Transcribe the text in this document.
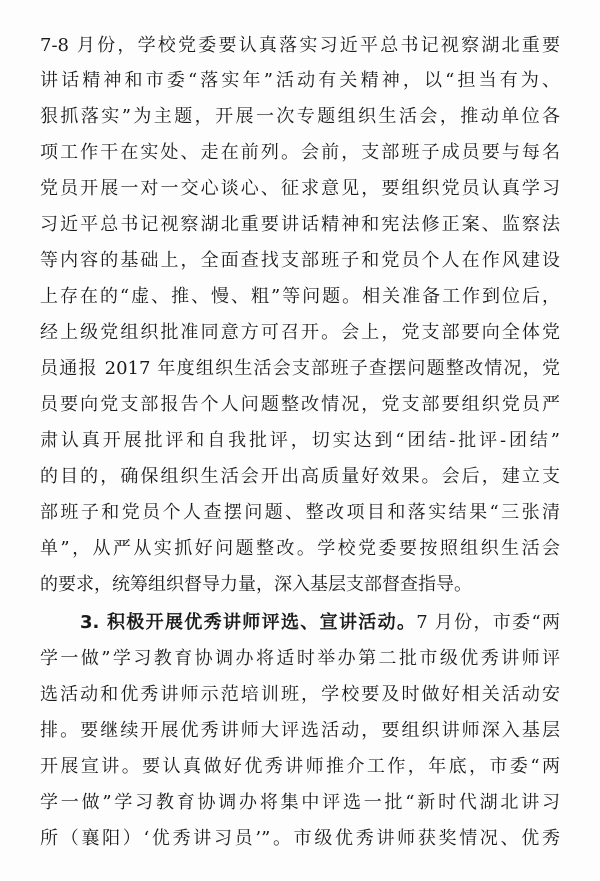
7-8 月份，学校党委要认真落实习近平总书记视察湖北重要
讲话精神和市委“落实年”活动有关精神，以“担当有为、
狠抓落实”为主题，开展一次专题组织生活会，推动单位各
项工作干在实处、走在前列。会前，支部班子成员要与每名
党员开展一对一交心谈心、征求意见，要组织党员认真学习
习近平总书记视察湖北重要讲话精神和宪法修正案、监察法
等内容的基础上，全面查找支部班子和党员个人在作风建设
上存在的“虚、推、慢、粗”等问题。相关准备工作到位后，
经上级党组织批准同意方可召开。会上，党支部要向全体党
员通报 2017 年度组织生活会支部班子查摆问题整改情况，党
员要向党支部报告个人问题整改情况，党支部要组织党员严
肃认真开展批评和自我批评，切实达到“团结-批评-团结”
的目的，确保组织生活会开出高质量好效果。会后，建立支
部班子和党员个人查摆问题、整改项目和落实结果“三张清
单”，从严从实抓好问题整改。学校党委要按照组织生活会
的要求，统筹组织督导力量，深入基层支部督查指导。
3. 积极开展优秀讲师评选、宣讲活动。7 月份，市委“两
学一做”学习教育协调办将适时举办第二批市级优秀讲师评
选活动和优秀讲师示范培训班，学校要及时做好相关活动安
排。要继续开展优秀讲师大评选活动，要组织讲师深入基层
开展宣讲。要认真做好优秀讲师推介工作，年底，市委“两
学一做”学习教育协调办将集中评选一批“新时代湖北讲习
所（襄阳）‘优秀讲习员’”。市级优秀讲师获奖情况、优秀
